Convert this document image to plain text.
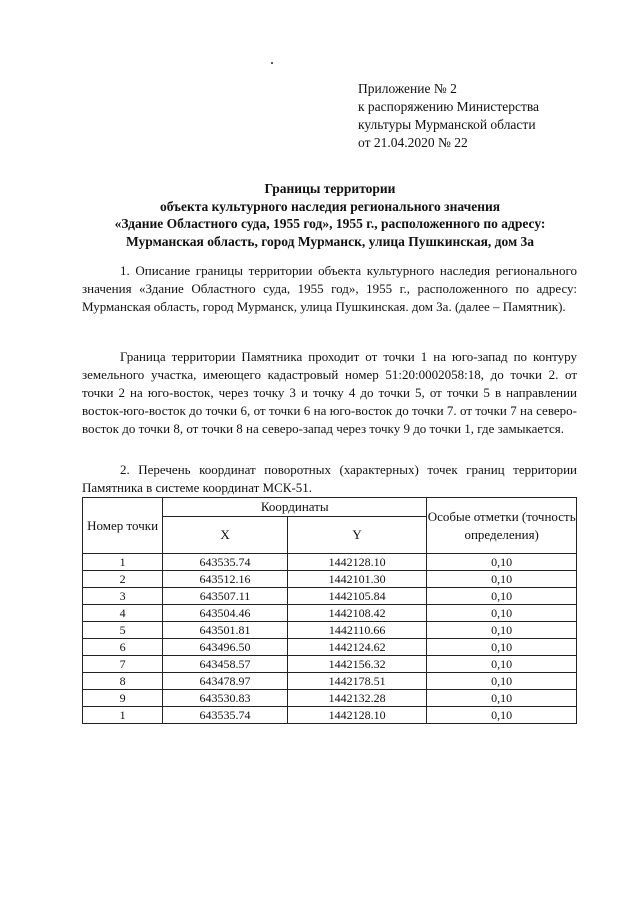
.
Приложение № 2
к распоряжению Министерства
культуры Мурманской области
от 21.04.2020 № 22
Границы территории
объекта культурного наследия регионального значения
«Здание Областного суда, 1955 год», 1955 г., расположенного по адресу:
Мурманская область, город Мурманск, улица Пушкинская, дом 3а
1. Описание границы территории объекта культурного наследия регионального значения «Здание Областного суда, 1955 год», 1955 г., расположенного по адресу: Мурманская область, город Мурманск, улица Пушкинская. дом 3а. (далее – Памятник).
Граница территории Памятника проходит от точки 1 на юго-запад по контуру земельного участка, имеющего кадастровый номер 51:20:0002058:18, до точки 2. от точки 2 на юго-восток, через точку 3 и точку 4 до точки 5, от точки 5 в направлении восток-юго-восток до точки 6, от точки 6 на юго-восток до точки 7. от точки 7 на северо-восток до точки 8, от точки 8 на северо-запад через точку 9 до точки 1, где замыкается.
2. Перечень координат поворотных (характерных) точек границ территории Памятника в системе координат МСК-51.
Номер точки	Координаты		Особые отметки (точность определения)
	X	Y	
1	643535.74	1442128.10	0,10
2	643512.16	1442101.30	0,10
3	643507.11	1442105.84	0,10
4	643504.46	1442108.42	0,10
5	643501.81	1442110.66	0,10
6	643496.50	1442124.62	0,10
7	643458.57	1442156.32	0,10
8	643478.97	1442178.51	0,10
9	643530.83	1442132.28	0,10
1	643535.74	1442128.10	0,10
